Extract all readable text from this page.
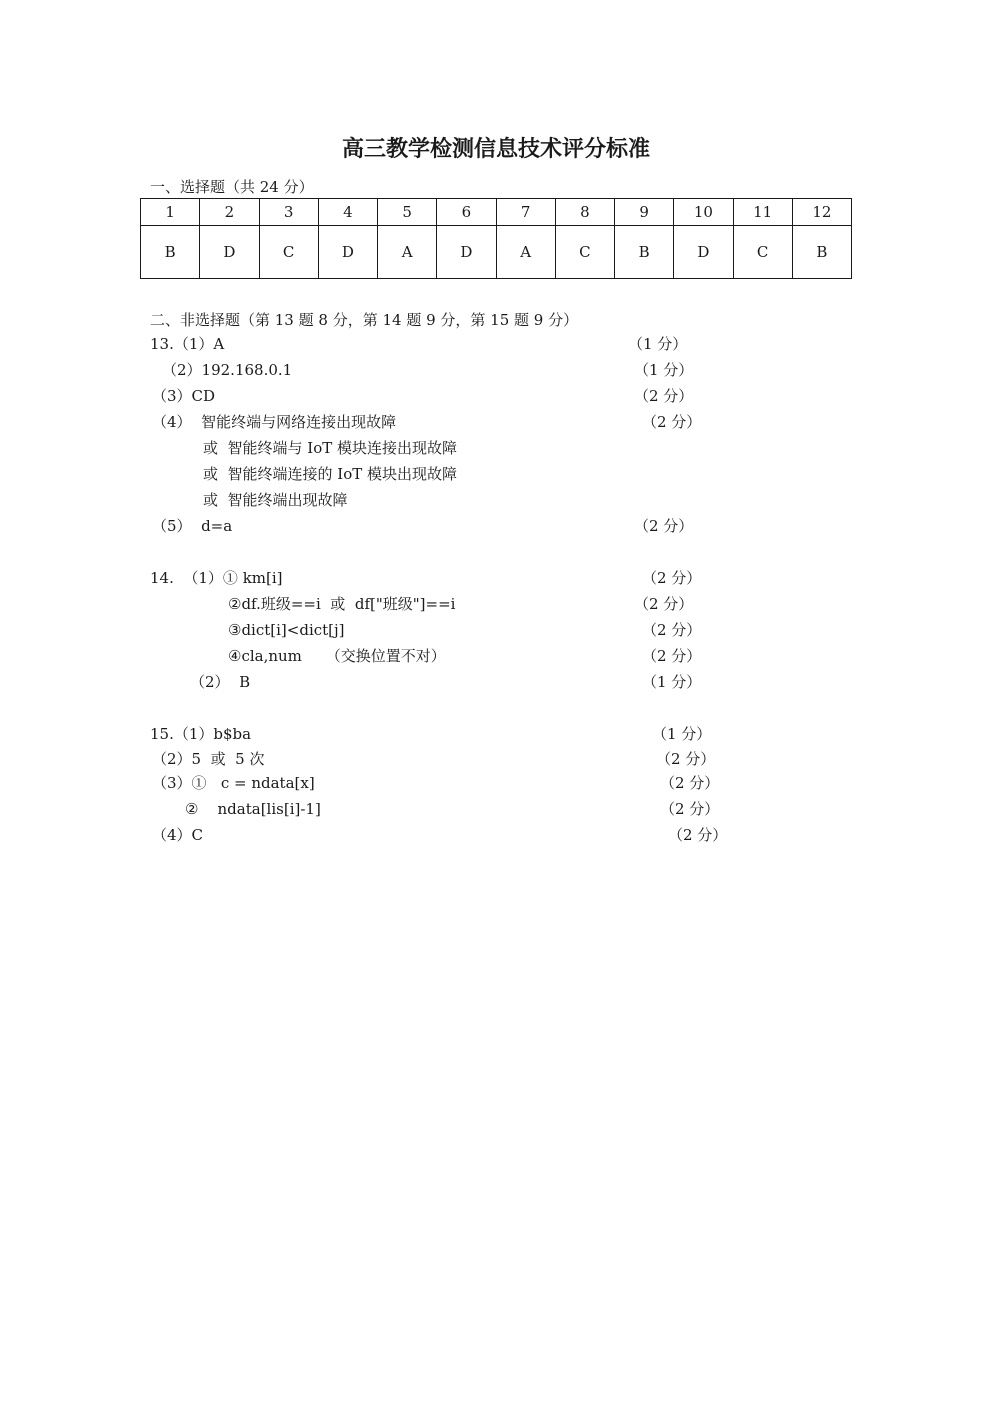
高三教学检测信息技术评分标准
一、选择题（共 24 分）
1	2	3	4	5	6	7	8	9	10	11	12
B	D	C	D	A	D	A	C	B	D	C	B
二、非选择题（第 13 题 8 分，第 14 题 9 分，第 15 题 9 分）
13.（1）A	（1 分）
（2）192.168.0.1	（1 分）
（3）CD	（2 分）
（4）  智能终端与网络连接出现故障	（2 分）
或  智能终端与 IoT 模块连接出现故障
或  智能终端连接的 IoT 模块出现故障
或  智能终端出现故障
（5）  d=a	（2 分）
14.  （1）① km[i]	（2 分）
②df.班级==i  或  df["班级"]==i	（2 分）
③dict[i]<dict[j]	（2 分）
④cla,num     （交换位置不对）	（2 分）
（2）  B	（1 分）
15.（1）b$ba	（1 分）
（2）5  或  5 次	（2 分）
（3）①   c = ndata[x]	（2 分）
②    ndata[lis[i]-1]	（2 分）
（4）C	（2 分）
